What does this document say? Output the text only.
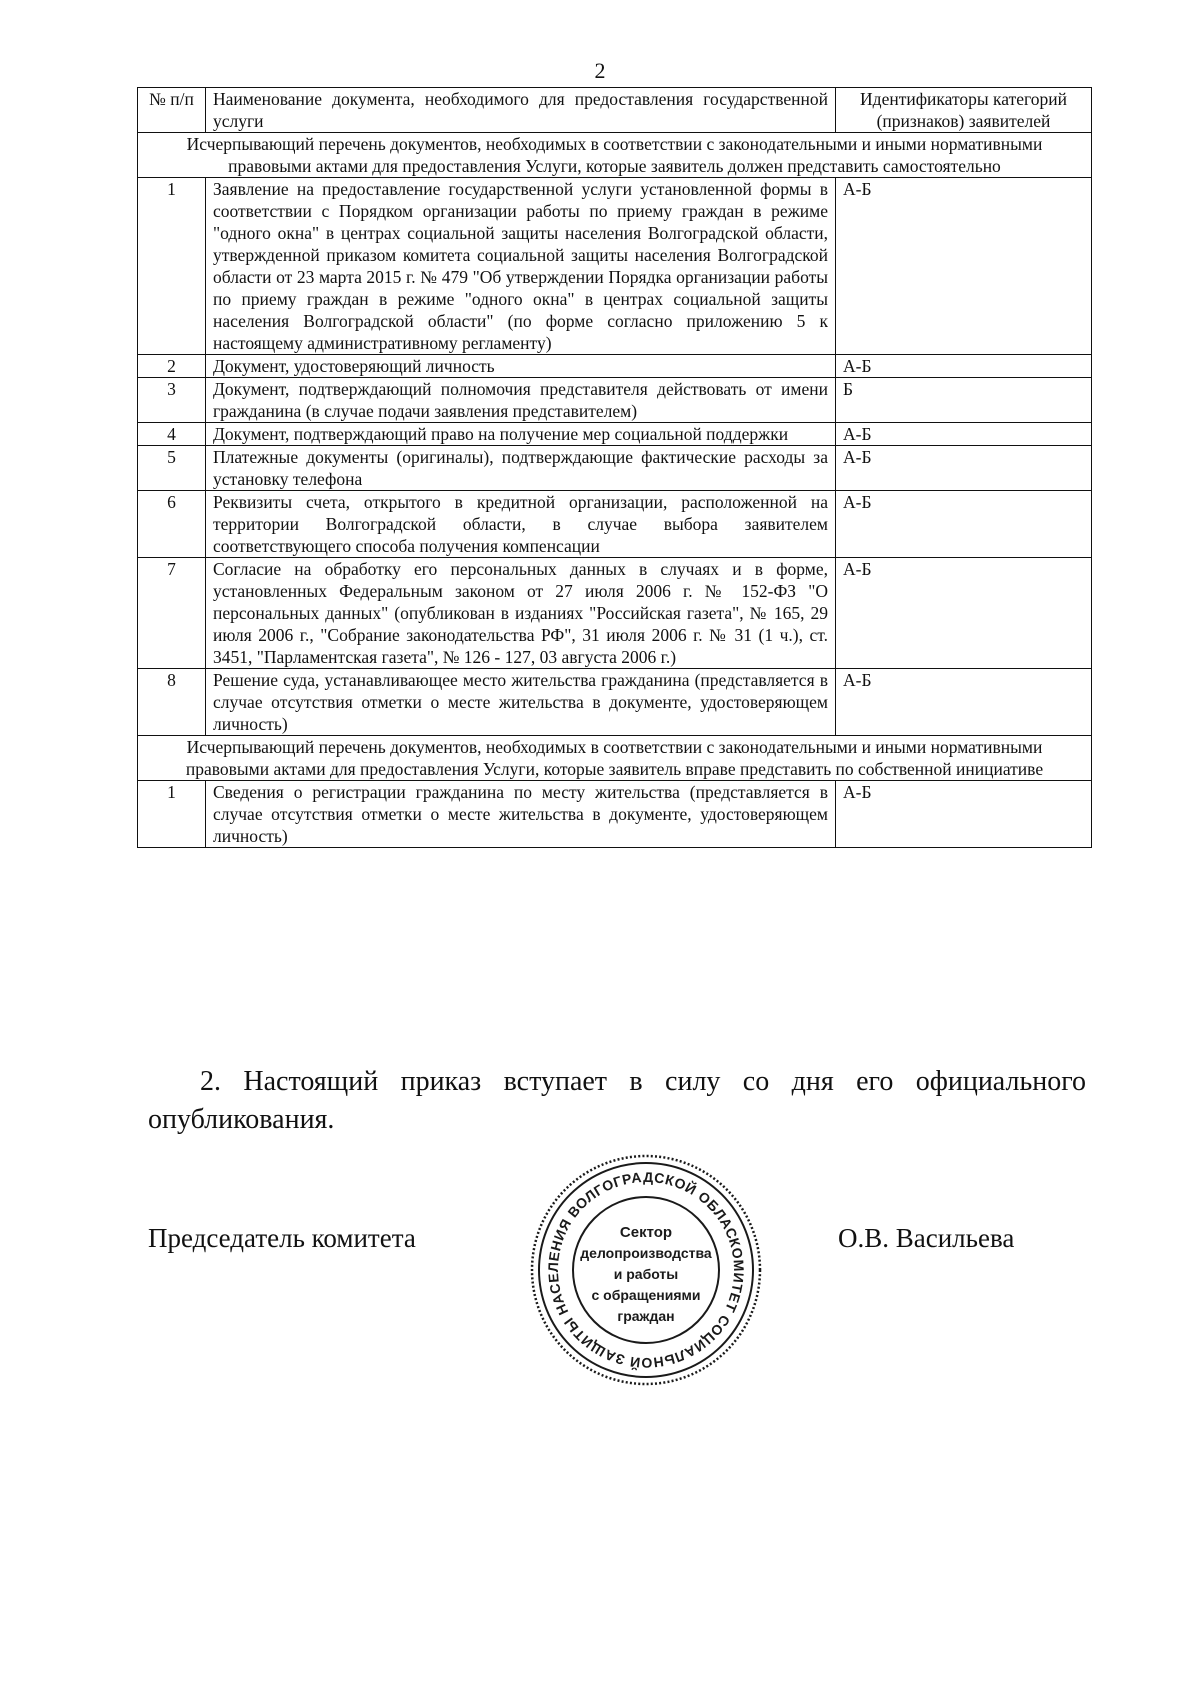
2
№ п/п	Наименование документа, необходимого для предоставления государственной услуги	Идентификаторы категорий (признаков) заявителей
Исчерпывающий перечень документов, необходимых в соответствии с законодательными и иными нормативными правовыми актами для предоставления Услуги, которые заявитель должен представить самостоятельно		
1	Заявление на предоставление государственной услуги установленной формы в соответствии с Порядком организации работы по приему граждан в режиме "одного окна" в центрах социальной защиты населения Волгоградской области, утвержденной приказом комитета социальной защиты населения Волгоградской области от 23 марта 2015 г. № 479 "Об утверждении Порядка организации работы по приему граждан в режиме "одного окна" в центрах социальной защиты населения Волгоградской области" (по форме согласно приложению 5 к настоящему административному регламенту)	А-Б
2	Документ, удостоверяющий личность	А-Б
3	Документ, подтверждающий полномочия представителя действовать от имени гражданина (в случае подачи заявления представителем)	Б
4	Документ, подтверждающий право на получение мер социальной поддержки	А-Б
5	Платежные документы (оригиналы), подтверждающие фактические расходы за установку телефона	А-Б
6	Реквизиты счета, открытого в кредитной организации, расположенной на территории Волгоградской области, в случае выбора заявителем соответствующего способа получения компенсации	А-Б
7	Согласие на обработку его персональных данных в случаях и в форме, установленных Федеральным законом от 27 июля 2006 г. № 152-ФЗ "О персональных данных" (опубликован в изданиях "Российская газета", № 165, 29 июля 2006 г., "Собрание законодательства РФ", 31 июля 2006 г. № 31 (1 ч.), ст. 3451, "Парламентская газета", № 126 - 127, 03 августа 2006 г.)	А-Б
8	Решение суда, устанавливающее место жительства гражданина (представляется в случае отсутствия отметки о месте жительства в документе, удостоверяющем личность)	А-Б
Исчерпывающий перечень документов, необходимых в соответствии с законодательными и иными нормативными правовыми актами для предоставления Услуги, которые заявитель вправе представить по собственной инициативе		
1	Сведения о регистрации гражданина по месту жительства (представляется в случае отсутствия отметки о месте жительства в документе, удостоверяющем личность)	А-Б
2. Настоящий приказ вступает в силу со дня его официального опубликования.
Председатель комитета	О.В. Васильева
КОМИТЕТ СОЦИАЛЬНОЙ ЗАЩИТЫ НАСЕЛЕНИЯ ВОЛГОГРАДСКОЙ ОБЛАСТИ
Сектор
делопроизводства
и работы
с обращениями
граждан
